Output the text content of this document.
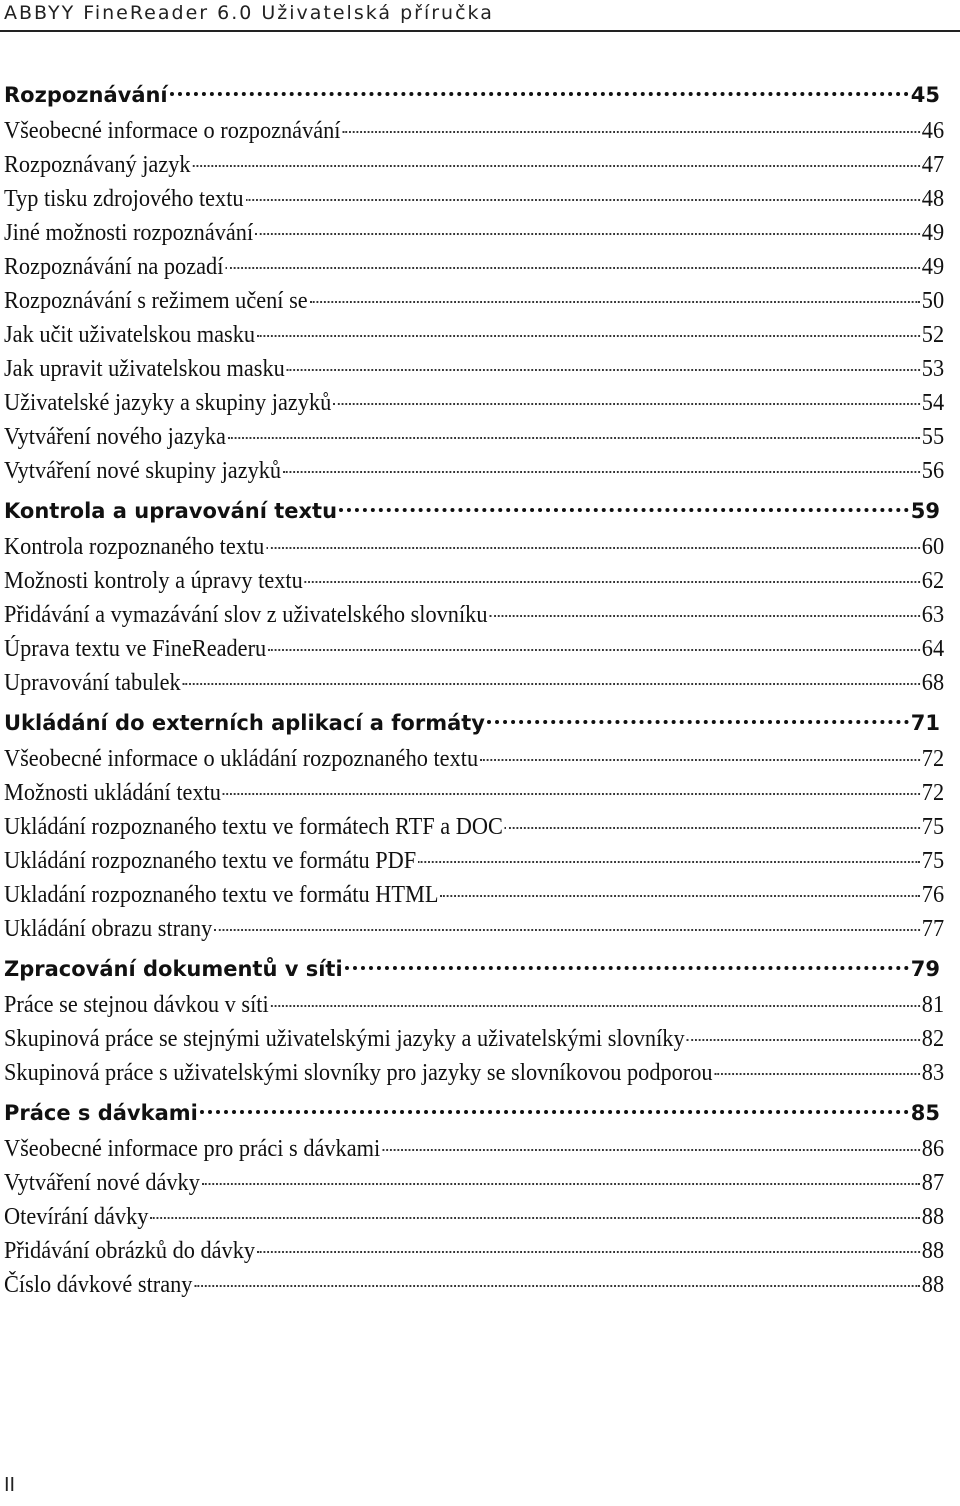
ABBYY FineReader 6.0 Uživatelská příručka
Rozpoznávání	45
Všeobecné informace o rozpoznávání	46
Rozpoznávaný jazyk	47
Typ tisku zdrojového textu	48
Jiné možnosti rozpoznávání	49
Rozpoznávání na pozadí	49
Rozpoznávání s režimem učení se	50
Jak učit uživatelskou masku	52
Jak upravit uživatelskou masku	53
Uživatelské jazyky a skupiny jazyků	54
Vytváření nového jazyka	55
Vytváření nové skupiny jazyků	56
Kontrola a upravování textu	59
Kontrola rozpoznaného textu	60
Možnosti kontroly a úpravy textu	62
Přidávání a vymazávání slov z uživatelského slovníku	63
Úprava textu ve FineReaderu	64
Upravování tabulek	68
Ukládání do externích aplikací a formáty	71
Všeobecné informace o ukládání rozpoznaného textu	72
Možnosti ukládání textu	72
Ukládání rozpoznaného textu ve formátech RTF a DOC	75
Ukládání rozpoznaného textu ve formátu PDF	75
Ukladání rozpoznaného textu ve formátu HTML	76
Ukládání obrazu strany	77
Zpracování dokumentů v síti	79
Práce se stejnou dávkou v síti	81
Skupinová práce se stejnými uživatelskými jazyky a uživatelskými slovníky	82
Skupinová práce s uživatelskými slovníky pro jazyky se slovníkovou podporou	83
Práce s dávkami	85
Všeobecné informace pro práci s dávkami	86
Vytváření nové dávky	87
Otevírání dávky	88
Přidávání obrázků do dávky	88
Číslo dávkové strany	88
II
